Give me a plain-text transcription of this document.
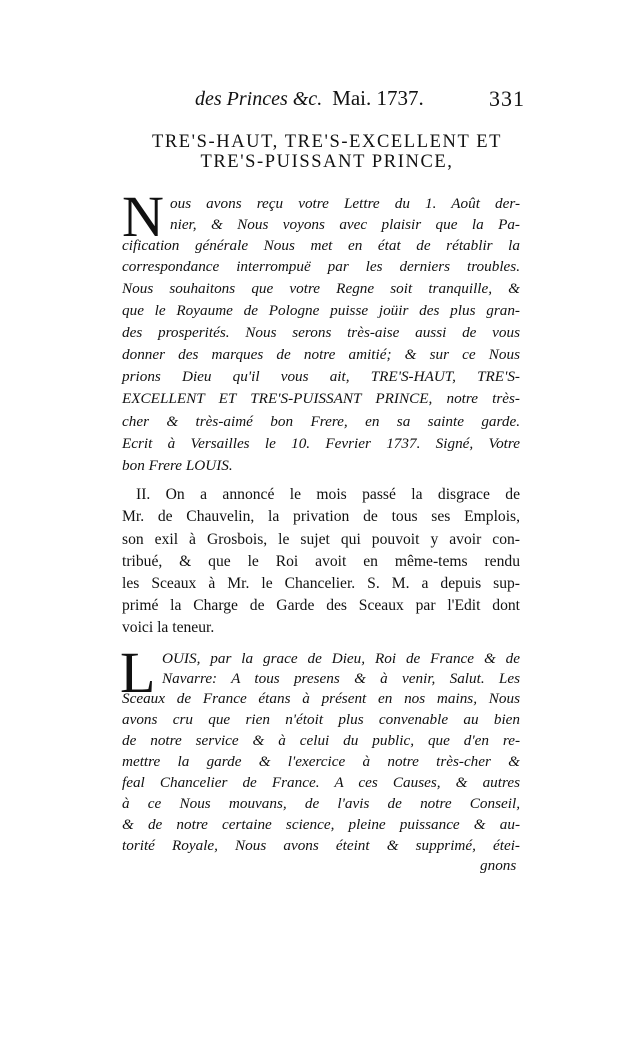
des Princes &c. Mai. 1737.	331
TRE'S-HAUT, TRE'S-EXCELLENT ET
TRE'S-PUISSANT PRINCE,
N ous avons reçu votre Lettre du 1. Août der-
nier, & Nous voyons avec plaisir que la Pa-
cification générale Nous met en état de rétablir la
correspondance interrompuë par les derniers troubles.
Nous souhaitons que votre Regne soit tranquille, &
que le Royaume de Pologne puisse joüir des plus gran-
des prosperités. Nous serons très-aise aussi de vous
donner des marques de notre amitié; & sur ce Nous
prions Dieu qu'il vous ait, TRE'S-HAUT, TRE'S-
EXCELLENT ET TRE'S-PUISSANT PRINCE, notre très-
cher & très-aimé bon Frere, en sa sainte garde.
Ecrit à Versailles le 10. Fevrier 1737. Signé, Votre
bon Frere LOUIS.
II. On a annoncé le mois passé la disgrace de
Mr. de Chauvelin, la privation de tous ses Emplois,
son exil à Grosbois, le sujet qui pouvoit y avoir con-
tribué, & que le Roi avoit en même-tems rendu
les Sceaux à Mr. le Chancelier. S. M. a depuis sup-
primé la Charge de Garde des Sceaux par l'Edit dont
voici la teneur.
L OUIS, par la grace de Dieu, Roi de France & de
Navarre: A tous presens & à venir, Salut. Les
Sceaux de France étans à présent en nos mains, Nous
avons cru que rien n'étoit plus convenable au bien
de notre service & à celui du public, que d'en re-
mettre la garde & l'exercice à notre très-cher &
feal Chancelier de France. A ces Causes, & autres
à ce Nous mouvans, de l'avis de notre Conseil,
& de notre certaine science, pleine puissance & au-
torité Royale, Nous avons éteint & supprimé, étei-
gnons
